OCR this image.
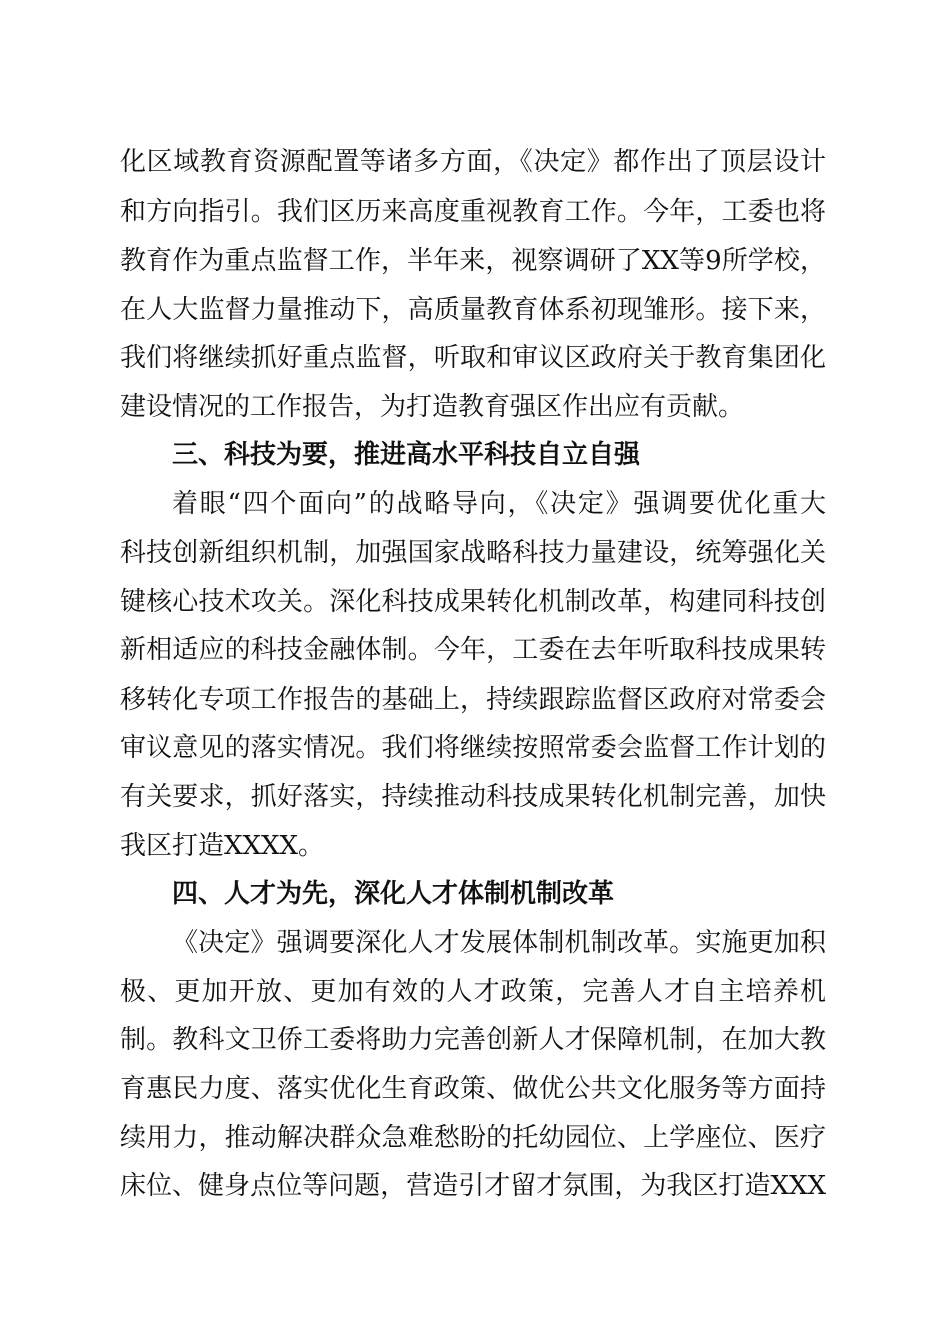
化区域教育资源配置等诸多方面，《决定》都作出了顶层设计
和方向指引。我们区历来高度重视教育工作。今年，工委也将
教育作为重点监督工作，半年来，视察调研了XX等9所学校，
在人大监督力量推动下，高质量教育体系初现雏形。接下来，
我们将继续抓好重点监督，听取和审议区政府关于教育集团化
建设情况的工作报告，为打造教育强区作出应有贡献。
三、科技为要，推进高水平科技自立自强
着眼“四个面向”的战略导向，《决定》强调要优化重大
科技创新组织机制，加强国家战略科技力量建设，统筹强化关
键核心技术攻关。深化科技成果转化机制改革，构建同科技创
新相适应的科技金融体制。今年，工委在去年听取科技成果转
移转化专项工作报告的基础上，持续跟踪监督区政府对常委会
审议意见的落实情况。我们将继续按照常委会监督工作计划的
有关要求，抓好落实，持续推动科技成果转化机制完善，加快
我区打造XXXX。
四、人才为先，深化人才体制机制改革
《决定》强调要深化人才发展体制机制改革。实施更加积
极、更加开放、更加有效的人才政策，完善人才自主培养机
制。教科文卫侨工委将助力完善创新人才保障机制，在加大教
育惠民力度、落实优化生育政策、做优公共文化服务等方面持
续用力，推动解决群众急难愁盼的托幼园位、上学座位、医疗
床位、健身点位等问题，营造引才留才氛围，为我区打造XXX
